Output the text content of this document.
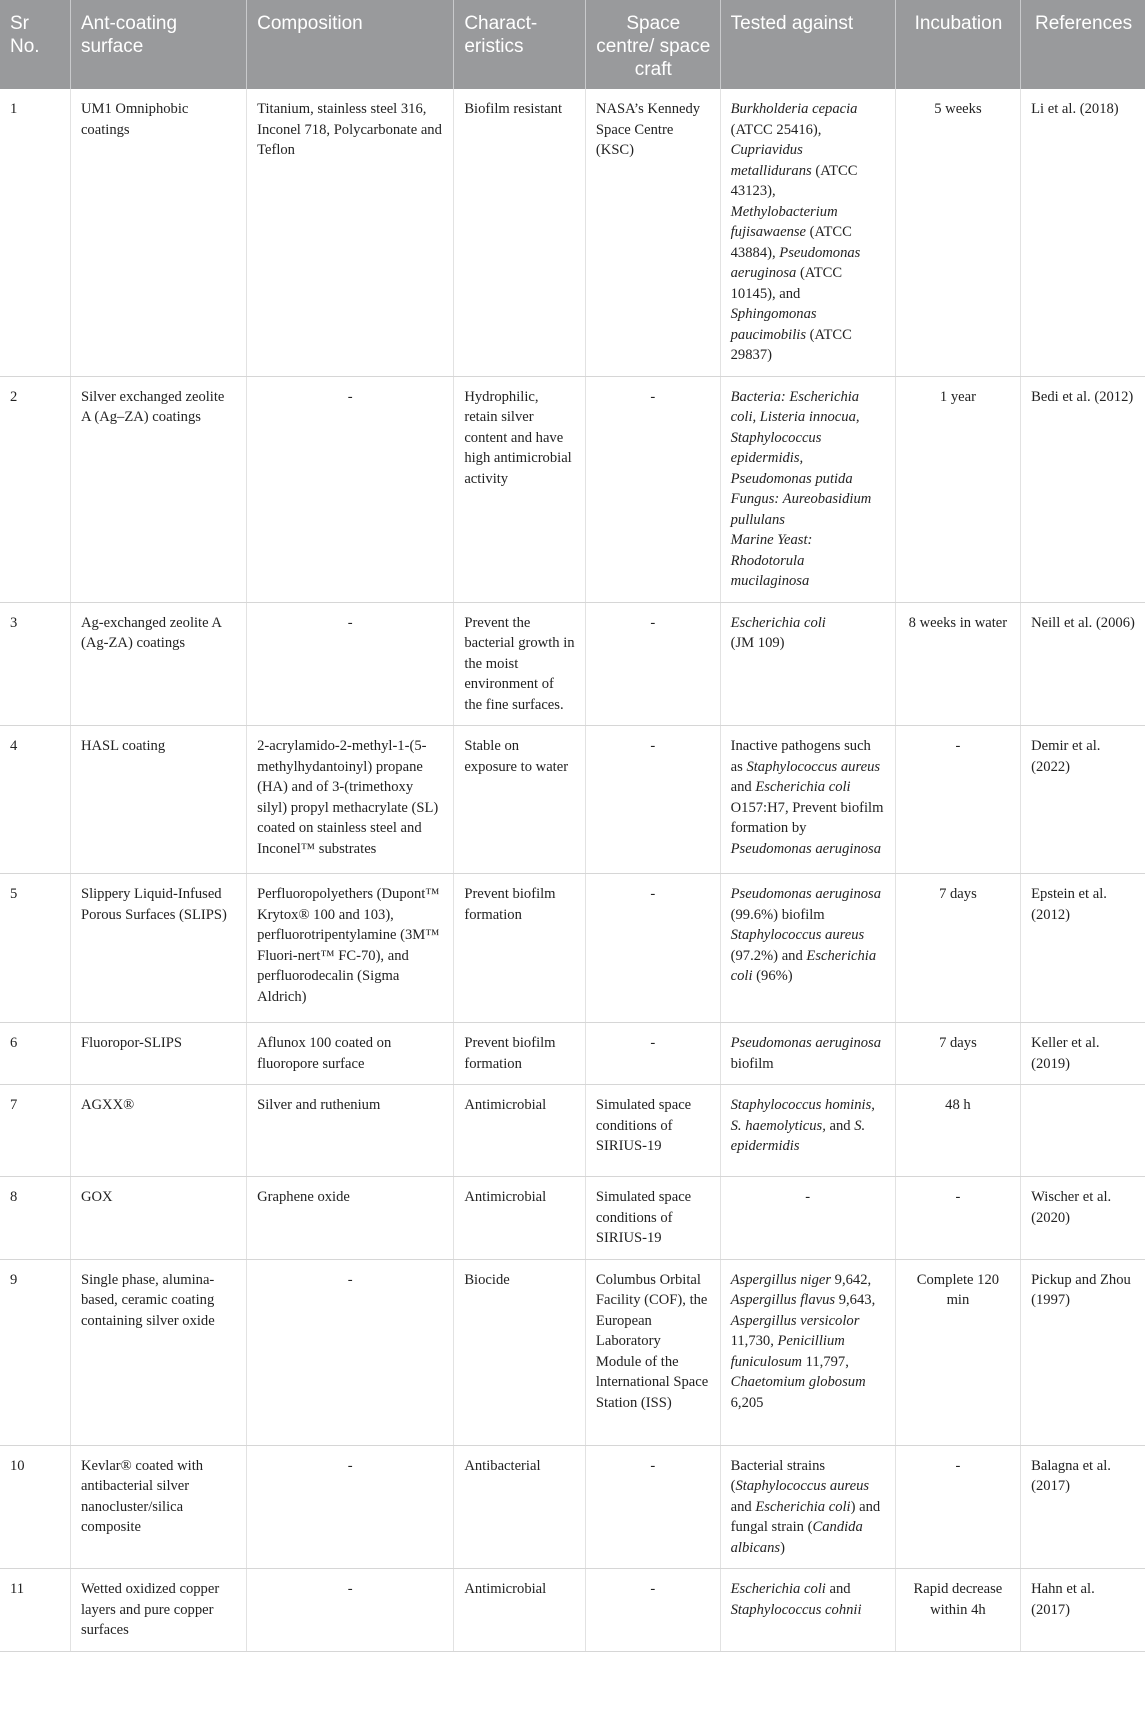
Sr No.	Ant-coating surface	Composition	Charact-eristics	Space centre/ space craft	Tested against	Incubation	References
1	UM1 Omniphobic coatings	Titanium, stainless steel 316, Inconel 718, Polycarbonate and Teflon	Biofilm resistant	NASA’s Kennedy Space Centre (KSC)	Burkholderia cepacia (ATCC 25416), Cupriavidus metallidurans (ATCC 43123), Methylobacterium fujisawaense (ATCC 43884), Pseudomonas aeruginosa (ATCC 10145), and Sphingomonas paucimobilis (ATCC 29837)	5 weeks	Li et al. (2018)
2	Silver exchanged zeolite A (Ag–ZA) coatings	-	Hydrophilic, retain silver content and have high antimicrobial activity	-	Bacteria: Escherichia coli, Listeria innocua, Staphylococcus epidermidis, Pseudomonas putida
Fungus: Aureobasidium pullulans
Marine Yeast: Rhodotorula mucilaginosa	1 year	Bedi et al. (2012)
3	Ag-exchanged zeolite A (Ag-ZA) coatings	-	Prevent the bacterial growth in the moist environment of the fine surfaces.	-	Escherichia coli
(JM 109)	8 weeks in water	Neill et al. (2006)
4	HASL coating	2-acrylamido-2-methyl-1-(5-methylhydantoinyl) propane (HA) and of 3-(trimethoxy silyl) propyl methacrylate (SL) coated on stainless steel and Inconel™ substrates	Stable on exposure to water	-	Inactive pathogens such as Staphylococcus aureus and Escherichia coli O157:H7, Prevent biofilm formation by Pseudomonas aeruginosa	-	Demir et al. (2022)
5	Slippery Liquid-Infused Porous Surfaces (SLIPS)	Perfluoropolyethers (Dupont™ Krytox® 100 and 103), perfluorotripentylamine (3M™ Fluori-nert™ FC-70), and perfluorodecalin (Sigma Aldrich)	Prevent biofilm formation	-	Pseudomonas aeruginosa (99.6%) biofilm Staphylococcus aureus (97.2%) and Escherichia coli (96%)	7 days	Epstein et al. (2012)
6	Fluoropor-SLIPS	Aflunox 100 coated on fluoropore surface	Prevent biofilm formation	-	Pseudomonas aeruginosa biofilm	7 days	Keller et al. (2019)
7	AGXX®	Silver and ruthenium	Antimicrobial	Simulated space conditions of SIRIUS-19	Staphylococcus hominis, S. haemolyticus, and S. epidermidis	48 h	
8	GOX	Graphene oxide	Antimicrobial	Simulated space conditions of SIRIUS-19	-	-	Wischer et al. (2020)
9	Single phase, alumina-based, ceramic coating containing silver oxide	-	Biocide	Columbus Orbital Facility (COF), the European Laboratory Module of the lnternational Space Station (ISS)	Aspergillus niger 9,642, Aspergillus flavus 9,643, Aspergillus versicolor 11,730, Penicillium funiculosum 11,797, Chaetomium globosum 6,205	Complete 120 min	Pickup and Zhou (1997)
10	Kevlar® coated with antibacterial silver nanocluster/silica composite	-	Antibacterial	-	Bacterial strains (Staphylococcus aureus and Escherichia coli) and fungal strain (Candida albicans)	-	Balagna et al. (2017)
11	Wetted oxidized copper layers and pure copper surfaces	-	Antimicrobial	-	Escherichia coli and Staphylococcus cohnii	Rapid decrease within 4h	Hahn et al. (2017)
